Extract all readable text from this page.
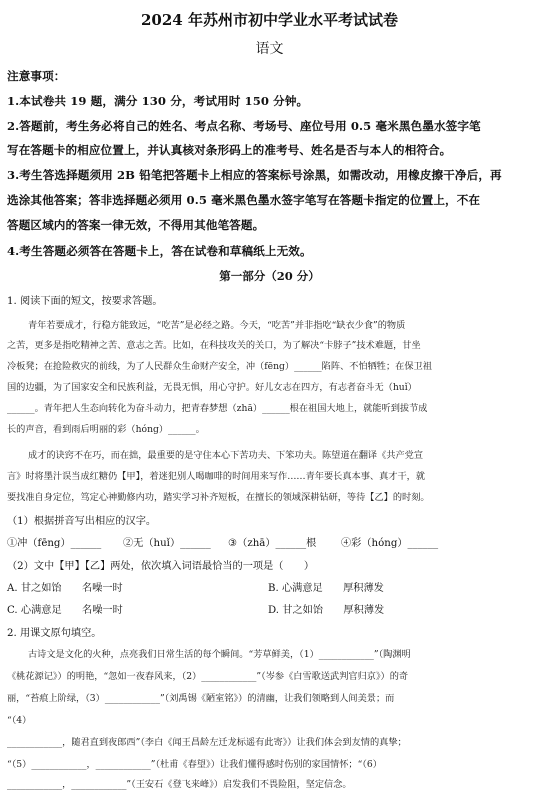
2024 年苏州市初中学业水平考试试卷
语文
注意事项：
1.本试卷共 19 题，满分 130 分，考试用时 150 分钟。
2.答题前，考生务必将自己的姓名、考点名称、考场号、座位号用 0.5 毫米黑色墨水签字笔
写在答题卡的相应位置上，并认真核对条形码上的准考号、姓名是否与本人的相符合。
3.考生答选择题须用 2B 铅笔把答题卡上相应的答案标号涂黑，如需改动，用橡皮擦干净后，再
选涂其他答案；答非选择题必须用 0.5 毫米黑色墨水签字笔写在答题卡指定的位置上，不在
答题区域内的答案一律无效，不得用其他笔答题。
4.考生答题必须答在答题卡上，答在试卷和草稿纸上无效。
第一部分（20 分）
1. 阅读下面的短文，按要求答题。
青年若要成才，行稳方能致远，“吃苦”是必经之路。今天，“吃苦”并非指吃“缺衣少食”的物质
之苦，更多是指吃精神之苦、意志之苦。比如，在科技攻关的关口，为了解决“卡脖子”技术难题，甘坐
冷板凳；在抢险救灾的前线，为了人民群众生命财产安全，冲（fēng）______陷阵、不怕牺牲；在保卫祖
国的边疆，为了国家安全和民族利益，无畏无惧，用心守护。好儿女志在四方，有志者奋斗无（huǐ）
______。青年把人生态向转化为奋斗动力，把青春梦想（zhā）______根在祖国大地上，就能听到拔节成
长的声音，看到雨后明丽的彩（hóng）______。
成才的诀窍不在巧，而在拙，最重要的是守住本心下苦功夫、下笨功夫。陈望道在翻译《共产党宣
言》时将墨汁误当成红糖仍【甲】，着迷犯别人喝咖啡的时间用来写作……青年要长真本事、真才干，就
要找准自身定位，笃定心神勤修内功，踏实学习补齐短板，在擅长的领域深耕钻研，等待【乙】的时刻。
（1）根据拼音写出相应的汉字。
①冲（fēng）______ ②无（huǐ）______ ③（zhā）______根 ④彩（hóng）______
（2）文中【甲】【乙】两处，依次填入词语最恰当的一项是（　　）
A. 甘之如饴　　名噪一时	B. 心满意足　　厚积薄发
C. 心满意足　　名噪一时	D. 甘之如饴　　厚积薄发
2. 用课文原句填空。
古诗文是文化的火种，点亮我们日常生活的每个瞬间。“芳草鲜美，（1）____________”（陶渊明
《桃花源记》）的明艳，“忽如一夜春风来，（2）____________”（岑参《白雪歌送武判官归京》）的奇
丽，“苔痕上阶绿，（3）____________”（刘禹锡《陋室铭》）的清幽，让我们领略到人间美景；而
“（4）
____________，随君直到夜郎西”（李白《闻王昌龄左迁龙标遥有此寄》）让我们体会到友情的真挚；
“（5）____________，____________”（杜甫《春望》）让我们懂得感时伤别的家国情怀；“（6）
____________，____________”（王安石《登飞来峰》）启发我们不畏险阻，坚定信念。
